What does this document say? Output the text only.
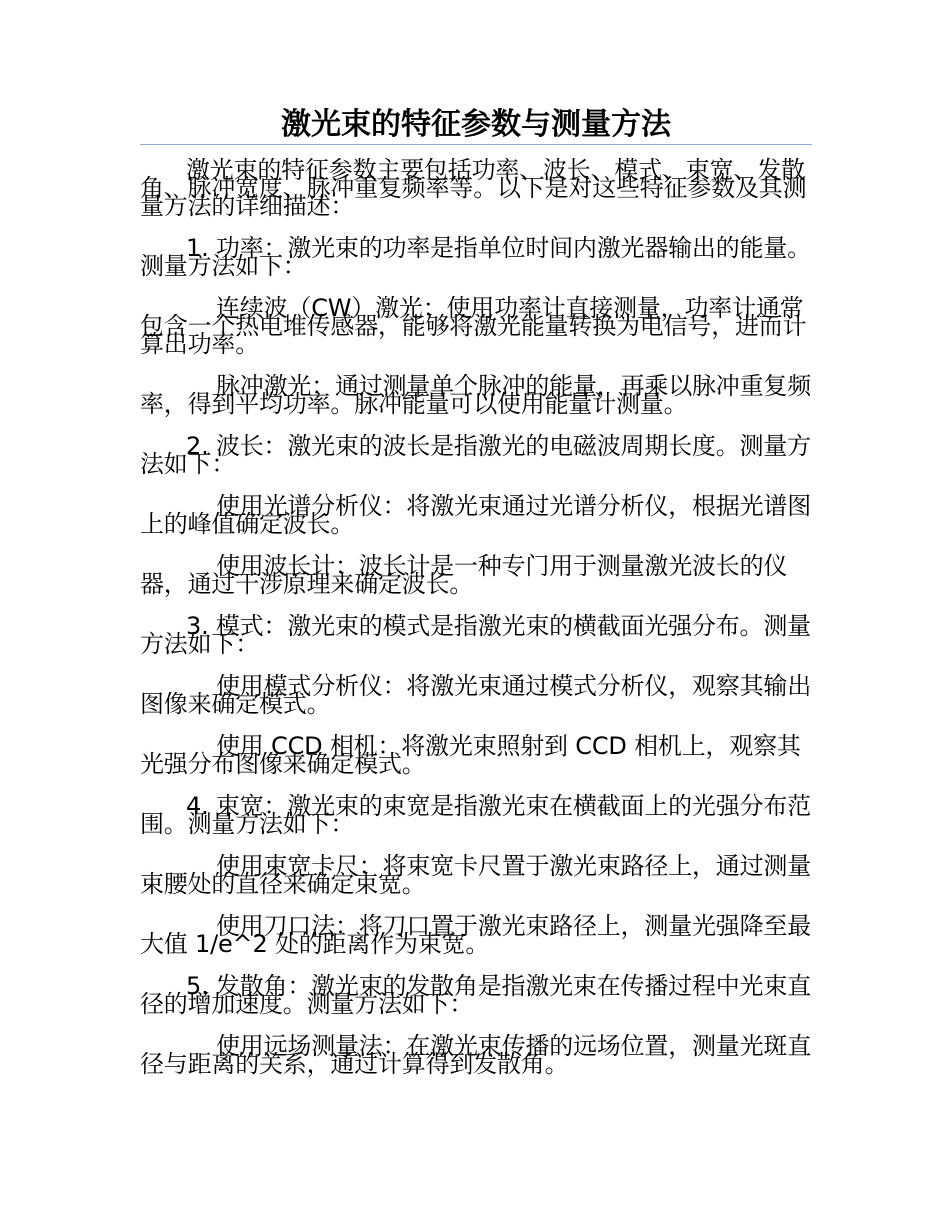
激光束的特征参数与测量方法

激光束的特征参数主要包括功率、波长、模式、束宽、发散角、脉冲宽度、脉冲重复频率等。以下是对这些特征参数及其测量方法的详细描述：

1. 功率：激光束的功率是指单位时间内激光器输出的能量。测量方法如下：

连续波（CW）激光：使用功率计直接测量，功率计通常包含一个热电堆传感器，能够将激光能量转换为电信号，进而计算出功率。

脉冲激光：通过测量单个脉冲的能量，再乘以脉冲重复频率，得到平均功率。脉冲能量可以使用能量计测量。

2. 波长：激光束的波长是指激光的电磁波周期长度。测量方法如下：

使用光谱分析仪：将激光束通过光谱分析仪，根据光谱图上的峰值确定波长。

使用波长计：波长计是一种专门用于测量激光波长的仪器，通过干涉原理来确定波长。

3. 模式：激光束的模式是指激光束的横截面光强分布。测量方法如下：

使用模式分析仪：将激光束通过模式分析仪，观察其输出图像来确定模式。

使用 CCD 相机：将激光束照射到 CCD 相机上，观察其光强分布图像来确定模式。

4. 束宽：激光束的束宽是指激光束在横截面上的光强分布范围。测量方法如下：

使用束宽卡尺：将束宽卡尺置于激光束路径上，通过测量束腰处的直径来确定束宽。

使用刀口法：将刀口置于激光束路径上，测量光强降至最大值 1/e^2 处的距离作为束宽。

5. 发散角：激光束的发散角是指激光束在传播过程中光束直径的增加速度。测量方法如下：

使用远场测量法：在激光束传播的远场位置，测量光斑直径与距离的关系，通过计算得到发散角。
